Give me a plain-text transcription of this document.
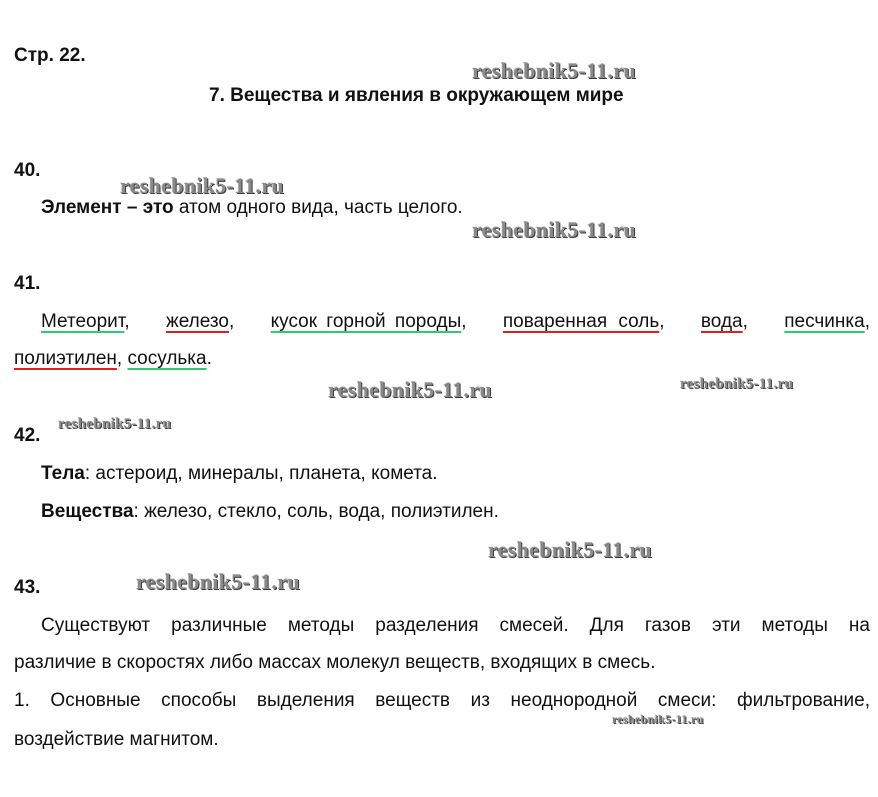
Стр. 22.
7. Вещества и явления в окружающем мире
reshebnik5-11.ru
reshebnik5-11.ru
reshebnik5-11.ru
reshebnik5-11.ru	reshebnik5-11.ru
reshebnik5-11.ru
reshebnik5-11.ru
reshebnik5-11.ru
reshebnik5-11.ru
40.
Элемент – это атом одного вида, часть целого.
41.
Метеорит, железо, кусок горной породы, поваренная соль, вода, песчинка,
полиэтилен, сосулька.
42.
Тела: астероид, минералы, планета, комета.
Вещества: железо, стекло, соль, вода, полиэтилен.
43.
Существуют различные методы разделения смесей. Для газов эти методы на
различие в скоростях либо массах молекул веществ, входящих в смесь.
1. Основные способы выделения веществ из неоднородной смеси: фильтрование,
воздействие магнитом.
